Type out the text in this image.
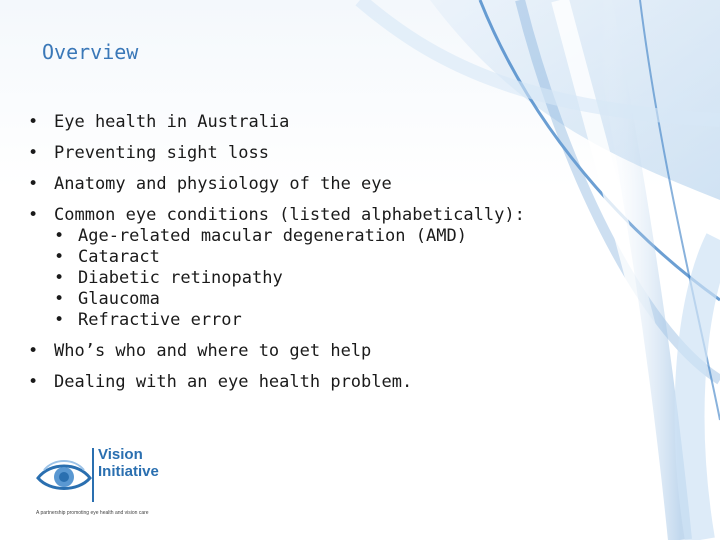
Overview
• Eye health in Australia
• Preventing sight loss
• Anatomy and physiology of the eye
• Common eye conditions (listed alphabetically):
• Age-related macular degeneration (AMD)
• Cataract
• Diabetic retinopathy
• Glaucoma
• Refractive error
• Who’s who and where to get help
• Dealing with an eye health problem.
Vision
Initiative
A partnership promoting eye health and vision care
